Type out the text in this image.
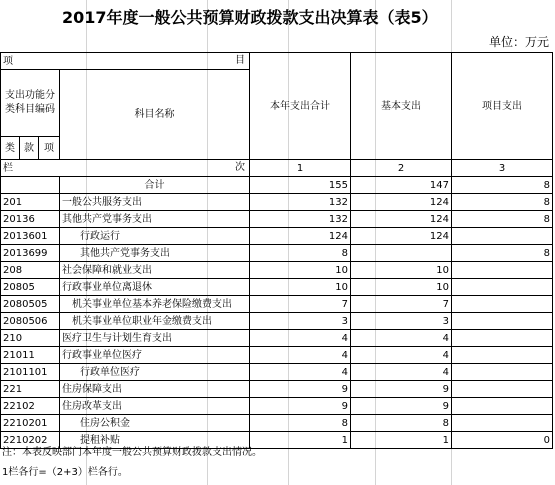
2017年度一般公共预算财政拨款支出决算表（表5）
单位：万元
项 目				本年支出合计	基本支出	项目支出
支出功能分类科目编码			科目名称			
类	款	项				
栏 次				1	2	3
			合计	155	147	8
201			一般公共服务支出	132	124	8
20136			其他共产党事务支出	132	124	8
2013601			行政运行	124	124	
2013699			其他共产党事务支出	8		8
208			社会保障和就业支出	10	10	
20805			行政事业单位离退休	10	10	
2080505			机关事业单位基本养老保险缴费支出	7	7	
2080506			机关事业单位职业年金缴费支出	3	3	
210			医疗卫生与计划生育支出	4	4	
21011			行政事业单位医疗	4	4	
2101101			行政单位医疗	4	4	
221			住房保障支出	9	9	
22102			住房改革支出	9	9	
2210201			住房公积金	8	8	
2210202			提租补贴	1	1	0
注：本表反映部门本年度一般公共预算财政拨款支出情况。
1栏各行=（2+3）栏各行。
